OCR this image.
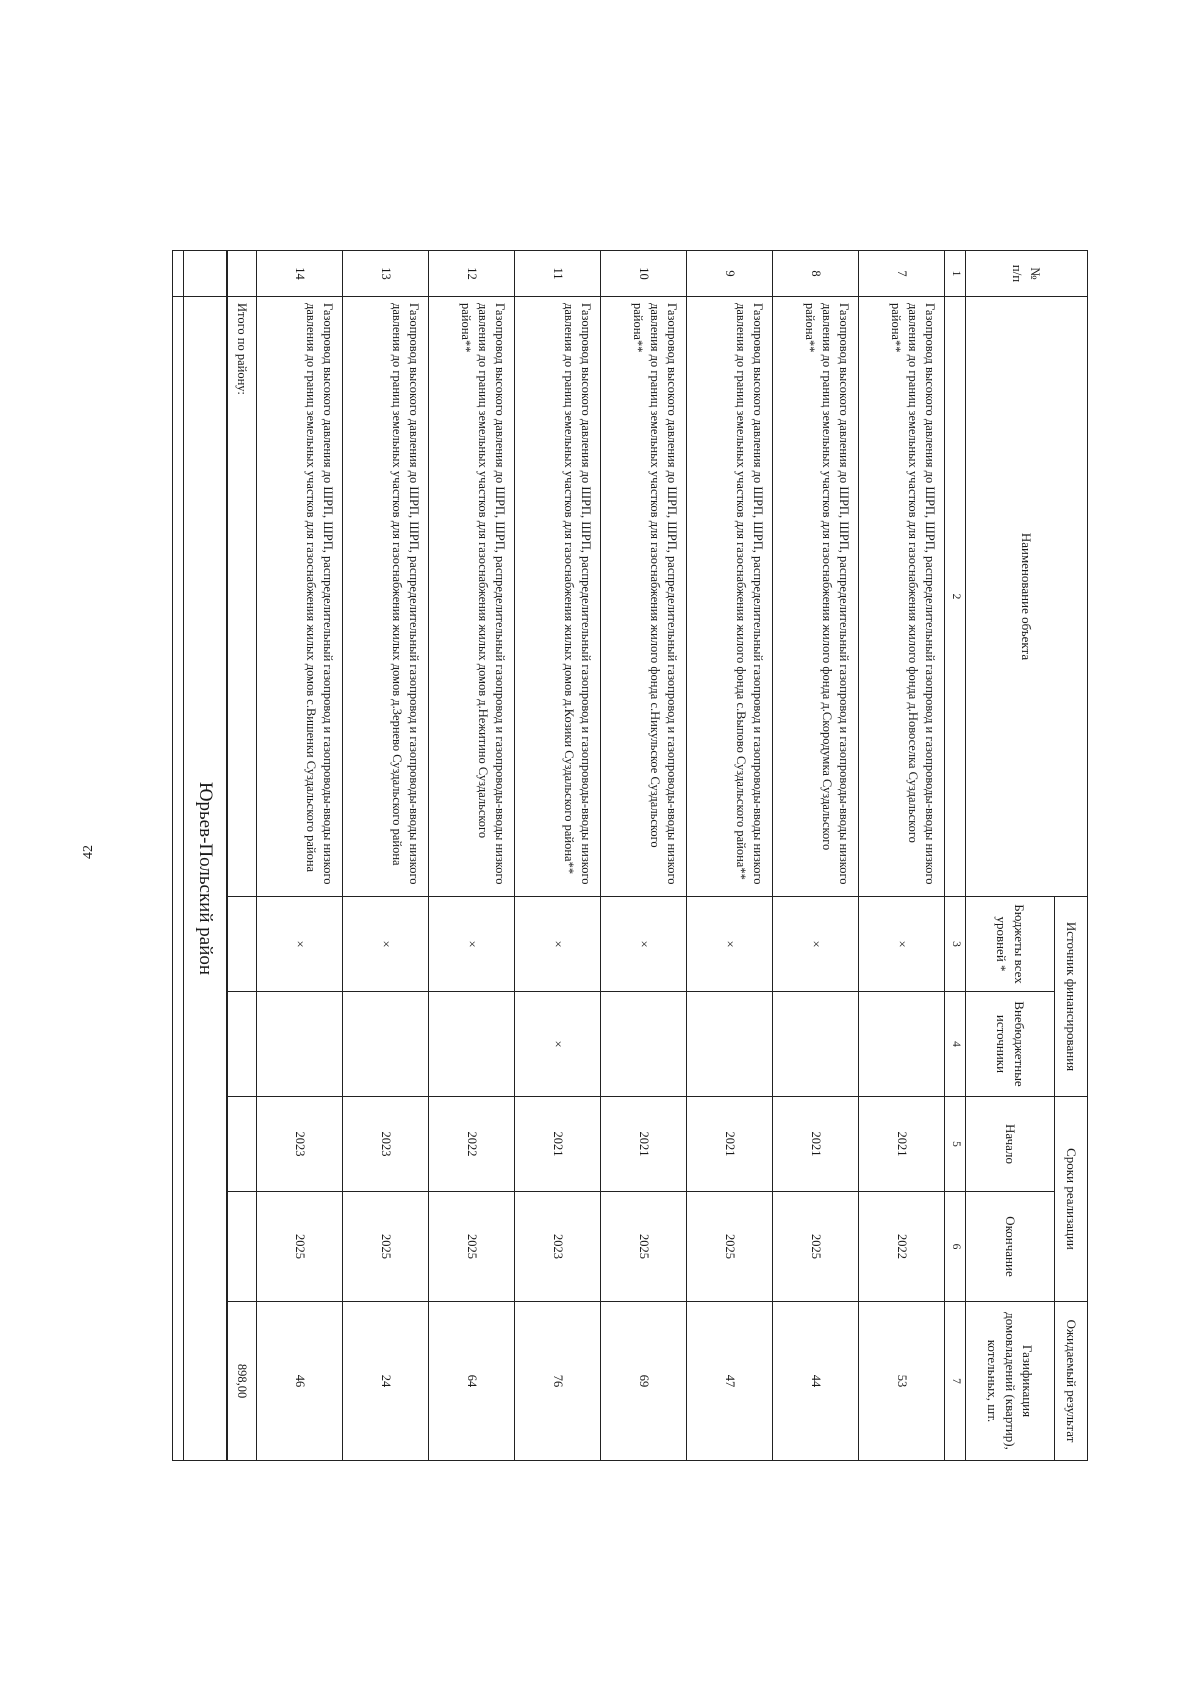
42
№
п/п	Наименование объекта	Источник финансирования		Сроки реализации		Ожидаемый результат
		Бюджеты всех уровней *	Внебюджетные источники	Начало	Окончание	Газификация домовладений (квартир), котельных, шт.
1	2	3	4	5	6	7
7	Газопровод высокого давления до ШРП, ШРП, распределительный газопровод и газопроводы-вводы низкого давления до границ земельных участков для газоснабжения жилого фонда д.Новоселка Суздальского района**	×		2021	2022	53
8	Газопровод высокого давления до ШРП, ШРП, распределительный газопровод и газопроводы-вводы низкого давления до границ земельных участков для газоснабжения жилого фонда д.Скородумка Суздальского района**	×		2021	2025	44
9	Газопровод высокого давления до ШРП, ШРП, распределительный газопровод и газопроводы-вводы низкого давления до границ земельных участков для газоснабжения жилого фонда с.Выпово Суздальского района**	×		2021	2025	47
10	Газопровод высокого давления до ШРП, ШРП, распределительный газопровод и газопроводы-вводы низкого давления до границ земельных участков для газоснабжения жилого фонда с.Никульское Суздальского района**	×		2021	2025	69
11	Газопровод высокого давления до ШРП, ШРП, распределительный газопровод и газопроводы-вводы низкого давления до границ земельных участков для газоснабжения жилых домов д.Козики Суздальского района**	×	×	2021	2023	76
12	Газопровод высокого давления до ШРП, ШРП, распределительный газопровод и газопроводы-вводы низкого давления до границ земельных участков для газоснабжения жилых домов д.Нежитино Суздальского района**	×		2022	2025	64
13	Газопровод высокого давления до ШРП, ШРП, распределительный газопровод и газопроводы-вводы низкого давления до границ земельных участков для газоснабжения жилых домов д.Зернево Суздальского района	×		2023	2025	24
14	Газопровод высокого давления до ШРП, ШРП, распределительный газопровод и газопроводы-вводы низкого давления до границ земельных участков для газоснабжения жилых домов с.Вишенки Суздальского района	×		2023	2025	46
	Итого по району:					898,00
	Юрьев-Польский район					
